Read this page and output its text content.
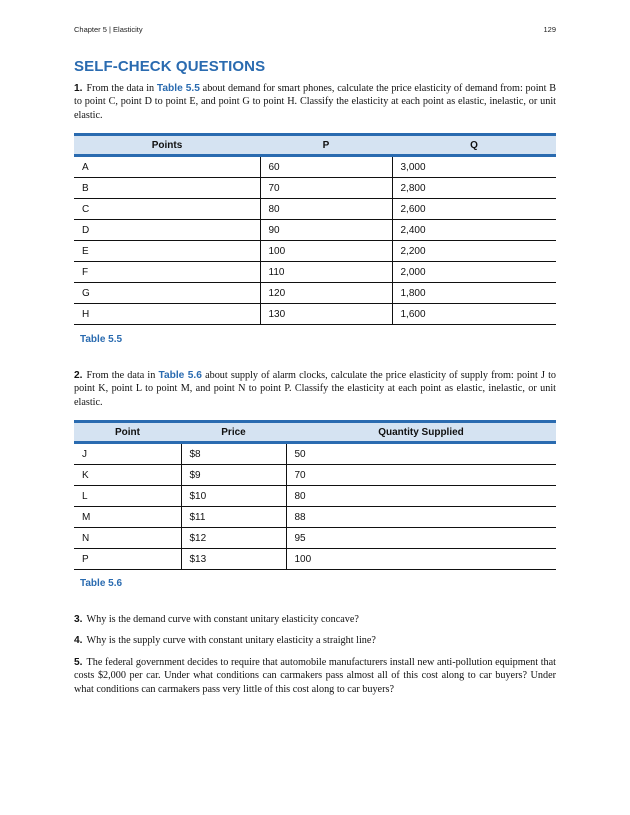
Chapter 5 | Elasticity	129
SELF-CHECK QUESTIONS

1. From the data in Table 5.5 about demand for smart phones, calculate the price elasticity of demand from: point B to point C, point D to point E, and point G to point H. Classify the elasticity at each point as elastic, inelastic, or unit elastic.

Points	P	Q
A	60	3,000
B	70	2,800
C	80	2,600
D	90	2,400
E	100	2,200
F	110	2,000
G	120	1,800
H	130	1,600
Table 5.5

2. From the data in Table 5.6 about supply of alarm clocks, calculate the price elasticity of supply from: point J to point K, point L to point M, and point N to point P. Classify the elasticity at each point as elastic, inelastic, or unit elastic.

Point	Price	Quantity Supplied
J	$8	50
K	$9	70
L	$10	80
M	$11	88
N	$12	95
P	$13	100
Table 5.6

3. Why is the demand curve with constant unitary elasticity concave?

4. Why is the supply curve with constant unitary elasticity a straight line?

5. The federal government decides to require that automobile manufacturers install new anti-pollution equipment that costs $2,000 per car. Under what conditions can carmakers pass almost all of this cost along to car buyers? Under what conditions can carmakers pass very little of this cost along to car buyers?
